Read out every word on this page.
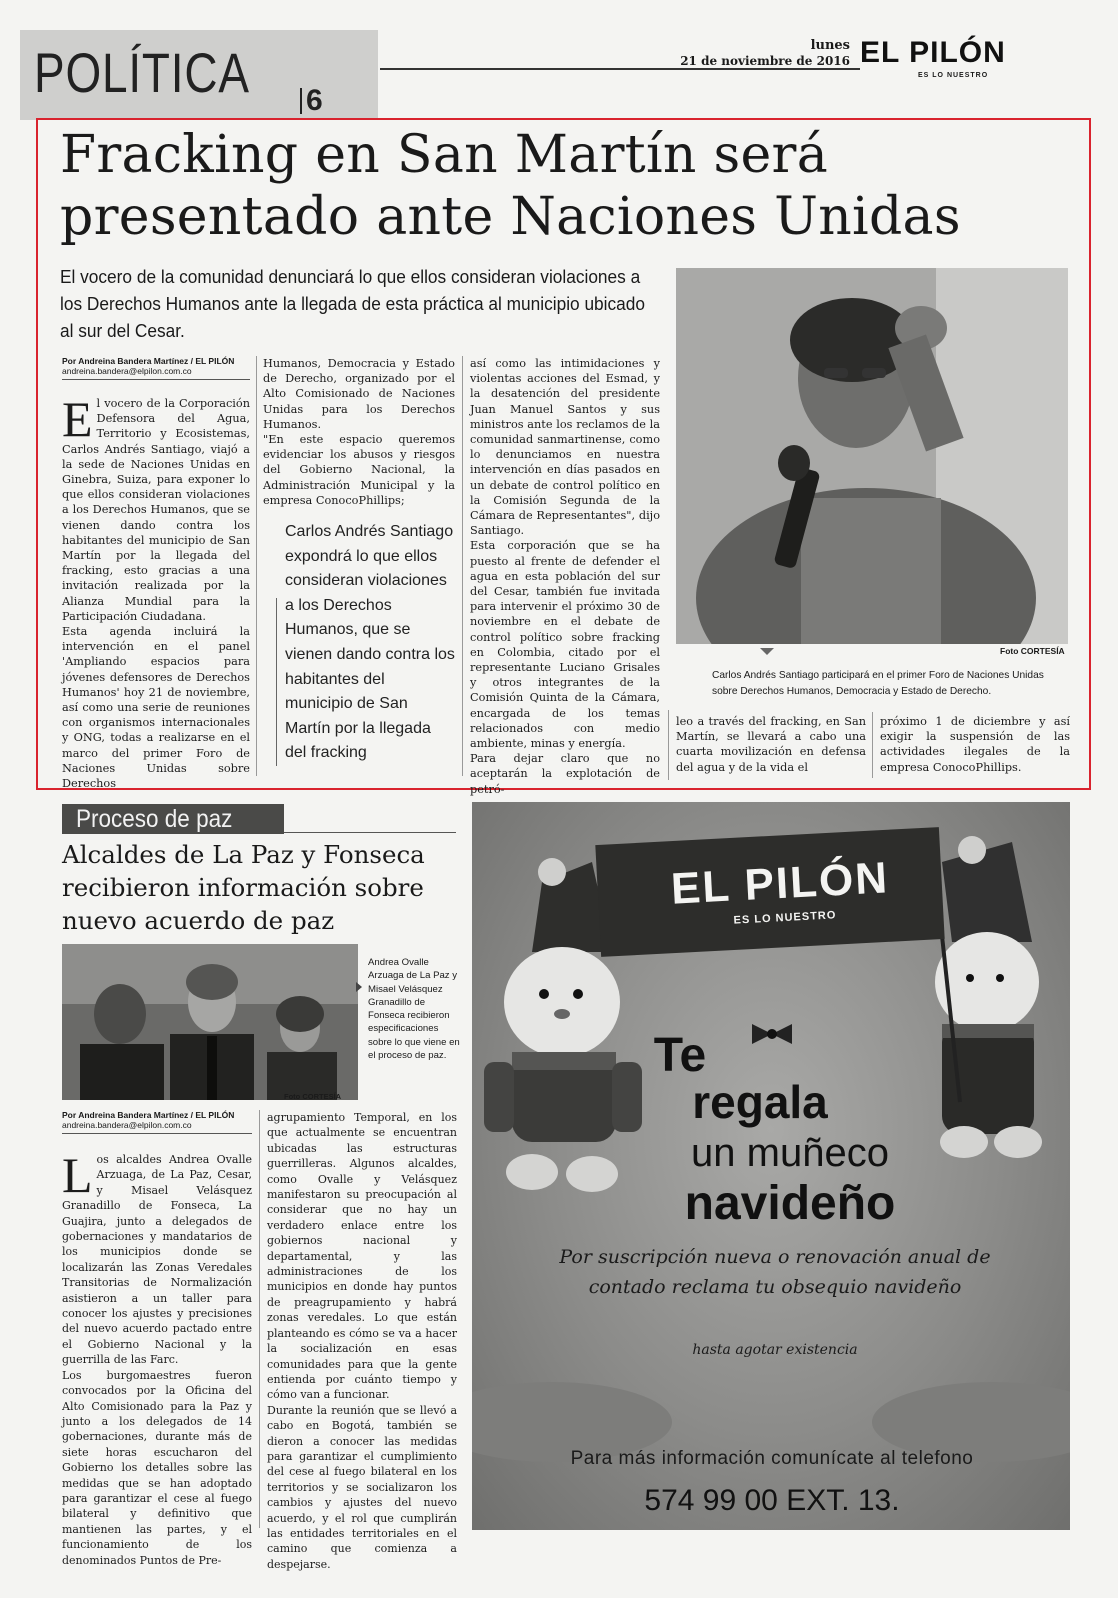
POLÍTICA 6
lunes
21 de noviembre de 2016 EL PILÓN
ES LO NUESTRO
Fracking en San Martín será presentado ante Naciones Unidas
El vocero de la comunidad denunciará lo que ellos consideran violaciones a los Derechos Humanos ante la llegada de esta práctica al municipio ubicado al sur del Cesar.
Por Andreina Bandera Martínez / EL PILÓN
andreina.bandera@elpilon.com.co

El vocero de la Corporación Defensora del Agua, Territorio y Ecosistemas, Carlos Andrés Santiago, viajó a la sede de Naciones Unidas en Ginebra, Suiza, para exponer lo que ellos consideran violaciones a los Derechos Humanos, que se vienen dando contra los habitantes del municipio de San Martín por la llegada del fracking, esto gracias a una invitación realizada por la Alianza Mundial para la Participación Ciudadana.

Esta agenda incluirá la intervención en el panel 'Ampliando espacios para jóvenes defensores de Derechos Humanos' hoy 21 de noviembre, así como una serie de reuniones con organismos internacionales y ONG, todas a realizarse en el marco del primer Foro de Naciones Unidas sobre Derechos

Humanos, Democracia y Estado de Derecho, organizado por el Alto Comisionado de Naciones Unidas para los Derechos Humanos.

"En este espacio queremos evidenciar los abusos y riesgos del Gobierno Nacional, la Administración Municipal y la empresa ConocoPhillips;

Carlos Andrés Santiago expondrá lo que ellos consideran violaciones a los Derechos Humanos, que se vienen dando contra los habitantes del municipio de San Martín por la llegada del fracking

así como las intimidaciones y violentas acciones del Esmad, y la desatención del presidente Juan Manuel Santos y sus ministros ante los reclamos de la comunidad sanmartinense, como lo denunciamos en nuestra intervención en días pasados en un debate de control político en la Comisión Segunda de la Cámara de Representantes", dijo Santiago.

Esta corporación que se ha puesto al frente de defender el agua en esta población del sur del Cesar, también fue invitada para intervenir el próximo 30 de noviembre en el debate de control político sobre fracking en Colombia, citado por el representante Luciano Grisales y otros integrantes de la Comisión Quinta de la Cámara, encargada de los temas relacionados con medio ambiente, minas y energía.

Para dejar claro que no aceptarán la explotación de petró-

Foto CORTESÍA
Carlos Andrés Santiago participará en el primer Foro de Naciones Unidas sobre Derechos Humanos, Democracia y Estado de Derecho.
leo a través del fracking, en San Martín, se llevará a cabo una cuarta movilización en defensa del agua y de la vida el
próximo 1 de diciembre y así exigir la suspensión de las actividades ilegales de la empresa ConocoPhillips.
Proceso de paz
Alcaldes de La Paz y Fonseca recibieron información sobre nuevo acuerdo de paz
Foto CORTESÍA
Andrea Ovalle Arzuaga de La Paz y Misael Velásquez Granadillo de Fonseca recibieron especificaciones sobre lo que viene en el proceso de paz.
Por Andreina Bandera Martínez / EL PILÓN
andreina.bandera@elpilon.com.co

Los alcaldes Andrea Ovalle Arzuaga, de La Paz, Cesar, y Misael Velásquez Granadillo de Fonseca, La Guajira, junto a delegados de gobernaciones y mandatarios de los municipios donde se localizarán las Zonas Veredales Transitorias de Normalización asistieron a un taller para conocer los ajustes y precisiones del nuevo acuerdo pactado entre el Gobierno Nacional y la guerrilla de las Farc.

Los burgomaestres fueron convocados por la Oficina del Alto Comisionado para la Paz y junto a los delegados de 14 gobernaciones, durante más de siete horas escucharon del Gobierno los detalles sobre las medidas que se han adoptado para garantizar el cese al fuego bilateral y definitivo que mantienen las partes, y el funcionamiento de los denominados Puntos de Pre-

agrupamiento Temporal, en los que actualmente se encuentran ubicadas las estructuras guerrilleras. Algunos alcaldes, como Ovalle y Velásquez manifestaron su preocupación al considerar que no hay un verdadero enlace entre los gobiernos nacional y departamental, y las administraciones de los municipios en donde hay puntos de preagrupamiento y habrá zonas veredales. Lo que están planteando es cómo se va a hacer la socialización en esas comunidades para que la gente entienda por cuánto tiempo y cómo van a funcionar.

Durante la reunión que se llevó a cabo en Bogotá, también se dieron a conocer las medidas para garantizar el cumplimiento del cese al fuego bilateral en los territorios y se socializaron los cambios y ajustes del nuevo acuerdo, y el rol que cumplirán las entidades territoriales en el camino que comienza a despejarse.

EL PILÓN
ES LO NUESTRO
Te
regala
un muñeco
navideño
Por suscripción nueva o renovación anual de contado reclama tu obsequio navideño
hasta agotar existencia
Para más información comunícate al telefono
574 99 00 EXT. 13.
